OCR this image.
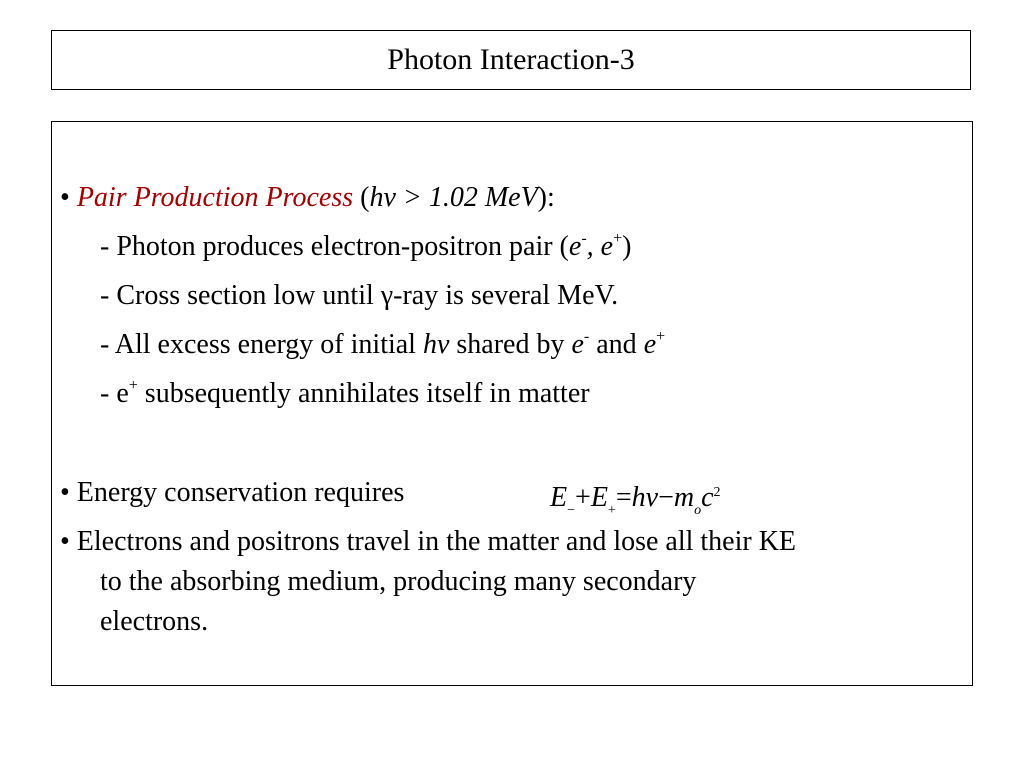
Photon Interaction-3
• Pair Production Process (hν > 1.02 MeV):
- Photon produces electron-positron pair (e-, e+)
- Cross section low until γ-ray is several MeV.
- All excess energy of initial hν shared by e- and e+
- e+ subsequently annihilates itself in matter
• Energy conservation requires	$E_-+E_+=h\nu-m_oc^2$
• Electrons and positrons travel in the matter and lose all their KE
to the absorbing medium, producing many secondary
electrons.
